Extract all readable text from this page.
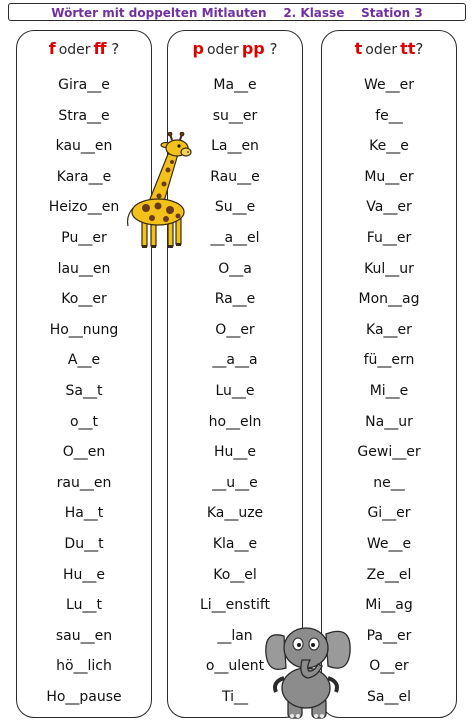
Wörter mit doppelten Mitlauten 2. Klasse Station 3
f oder ff ?
Gira__e
Stra__e
kau__en
Kara__e
Heizo__en
Pu__er
lau__en
Ko__er
Ho__nung
A__e
Sa__t
o__t
O__en
rau__en
Ha__t
Du__t
Hu__e
Lu__t
sau__en
hö__lich
Ho__pause
p oder pp ?
Ma__e
su__er
La__en
Rau__e
Su__e
__a__el
O__a
Ra__e
O__er
__a__a
Lu__e
ho__eln
Hu__e
__u__e
Ka__uze
Kla__e
Ko__el
Li__enstift
__lan
o__ulent
Ti__
t oder tt?
We__er
fe__
Ke__e
Mu__er
Va__er
Fu__er
Kul__ur
Mon__ag
Ka__er
fü__ern
Mi__e
Na__ur
Gewi__er
ne__
Gi__er
We__e
Ze__el
Mi__ag
Pa__er
O__er
Sa__el
